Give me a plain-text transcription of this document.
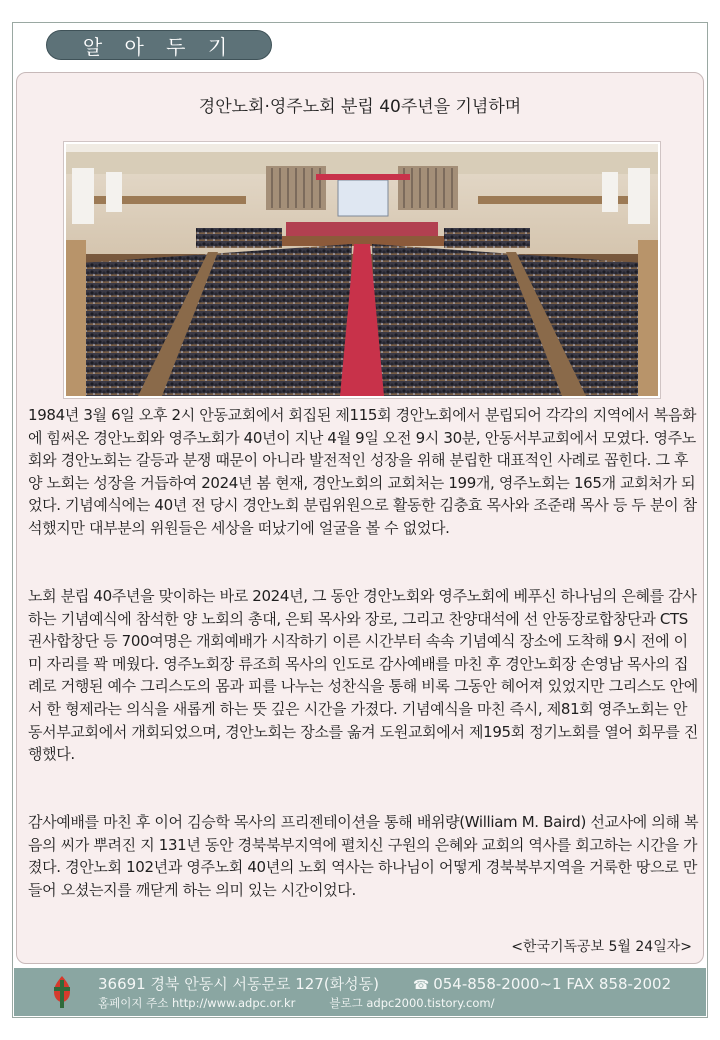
알 아 두 기
경안노회·영주노회 분립 40주년을 기념하며

1984년 3월 6일 오후 2시 안동교회에서 회집된 제115회 경안노회에서 분립되어 각각의 지역에서 복음화에 힘써온 경안노회와 영주노회가 40년이 지난 4월 9일 오전 9시 30분, 안동서부교회에서 모였다. 영주노회와 경안노회는 갈등과 분쟁 때문이 아니라 발전적인 성장을 위해 분립한 대표적인 사례로 꼽힌다. 그 후 양 노회는 성장을 거듭하여 2024년 봄 현재, 경안노회의 교회처는 199개, 영주노회는 165개 교회처가 되었다. 기념예식에는 40년 전 당시 경안노회 분립위원으로 활동한 김충효 목사와 조준래 목사 등 두 분이 참석했지만 대부분의 위원들은 세상을 떠났기에 얼굴을 볼 수 없었다.

노회 분립 40주년을 맞이하는 바로 2024년, 그 동안 경안노회와 영주노회에 베푸신 하나님의 은혜를 감사하는 기념예식에 참석한 양 노회의 총대, 은퇴 목사와 장로, 그리고 찬양대석에 선 안동장로합창단과 CTS권사합창단 등 700여명은 개회예배가 시작하기 이른 시간부터 속속 기념예식 장소에 도착해 9시 전에 이미 자리를 꽉 메웠다. 영주노회장 류조희 목사의 인도로 감사예배를 마친 후 경안노회장 손영남 목사의 집례로 거행된 예수 그리스도의 몸과 피를 나누는 성찬식을 통해 비록 그동안 헤어져 있었지만 그리스도 안에서 한 형제라는 의식을 새롭게 하는 뜻 깊은 시간을 가졌다. 기념예식을 마친 즉시, 제81회 영주노회는 안동서부교회에서 개회되었으며, 경안노회는 장소를 옮겨 도원교회에서 제195회 정기노회를 열어 회무를 진행했다.

감사예배를 마친 후 이어 김승학 목사의 프리젠테이션을 통해 배위량(William M. Baird) 선교사에 의해 복음의 씨가 뿌려진 지 131년 동안 경북북부지역에 펼치신 구원의 은혜와 교회의 역사를 회고하는 시간을 가졌다. 경안노회 102년과 영주노회 40년의 노회 역사는 하나님이 어떻게 경북북부지역을 거룩한 땅으로 만들어 오셨는지를 깨닫게 하는 의미 있는 시간이었다.

<한국기독공보 5월 24일자>
36691 경북 안동시 서동문로 127(화성동)	☎ 054-858-2000~1 FAX 858-2002
홈페이지 주소 http://www.adpc.or.kr	블로그 adpc2000.tistory.com/
